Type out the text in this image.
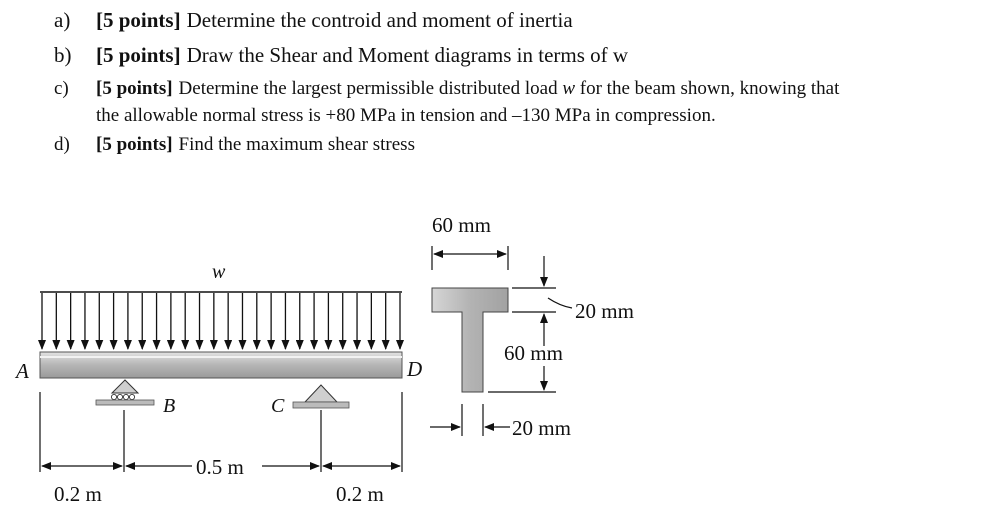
a) [5 points] Determine the controid and moment of inertia
b) [5 points] Draw the Shear and Moment diagrams in terms of w
c) [5 points] Determine the largest permissible distributed load w for the beam shown, knowing that
the allowable normal stress is +80 MPa in tension and –130 MPa in compression.
d) [5 points] Find the maximum shear stress
w
A
B	C
D
0.2 m
0.5 m
0.2 m
60 mm
20 mm
60 mm
20 mm
